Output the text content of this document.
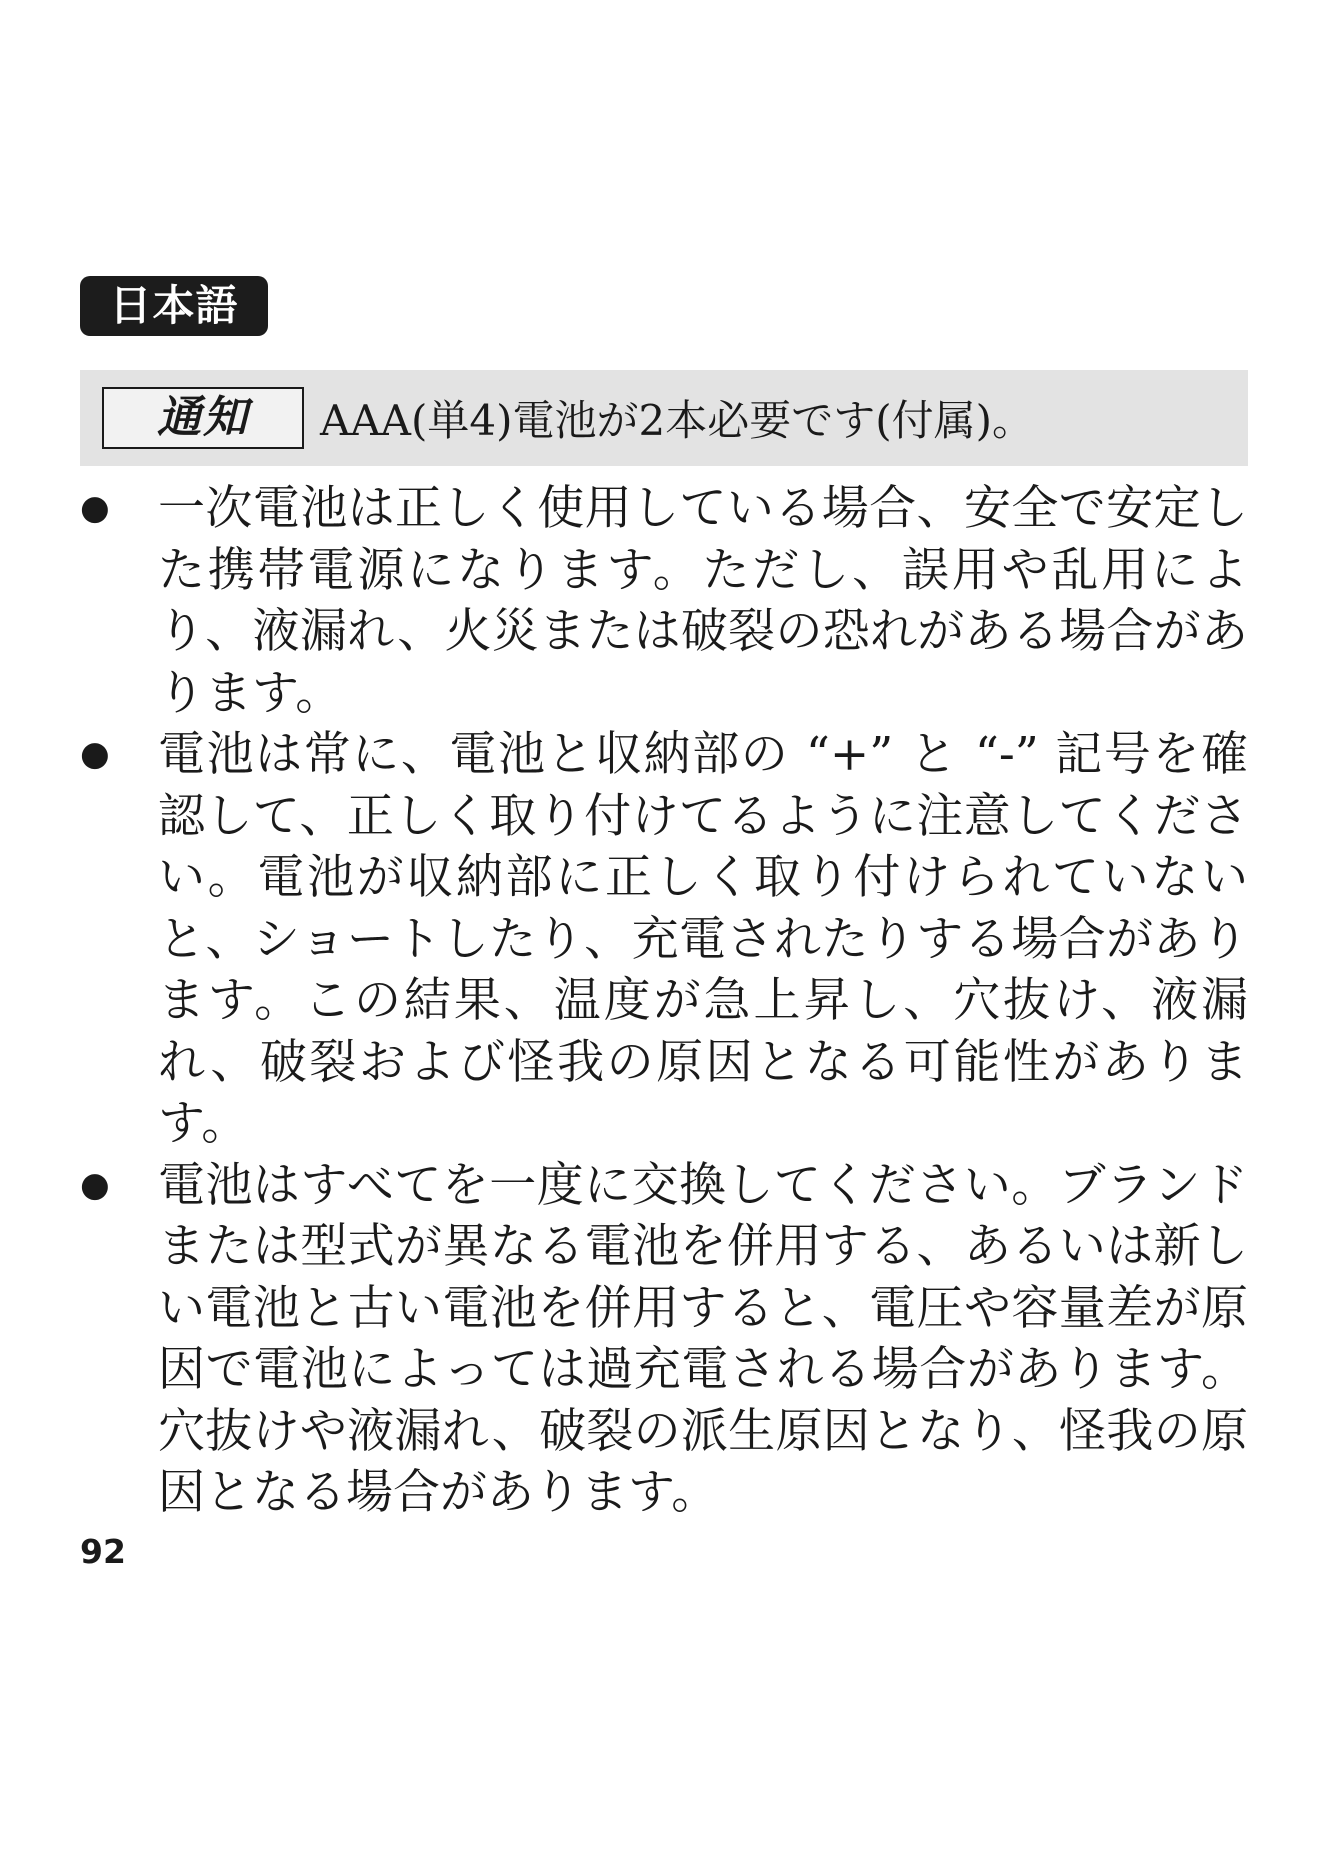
日本語
通知	AAA(単4)電池が2本必要です(付属)。
●	一次電池は正しく使用している場合、安全で安定した携帯電源になります。ただし、誤用や乱用により、液漏れ、火災または破裂の恐れがある場合があります。
●	電池は常に、電池と収納部の “+” と “-” 記号を確認して、正しく取り付けてるように注意してください。電池が収納部に正しく取り付けられていないと、ショートしたり、充電されたりする場合があります。この結果、温度が急上昇し、穴抜け、液漏れ、破裂および怪我の原因となる可能性があります。
●	電池はすべてを一度に交換してください。ブランドまたは型式が異なる電池を併用する、あるいは新しい電池と古い電池を併用すると、電圧や容量差が原因で電池によっては過充電される場合があります。穴抜けや液漏れ、破裂の派生原因となり、怪我の原因となる場合があります。
92
